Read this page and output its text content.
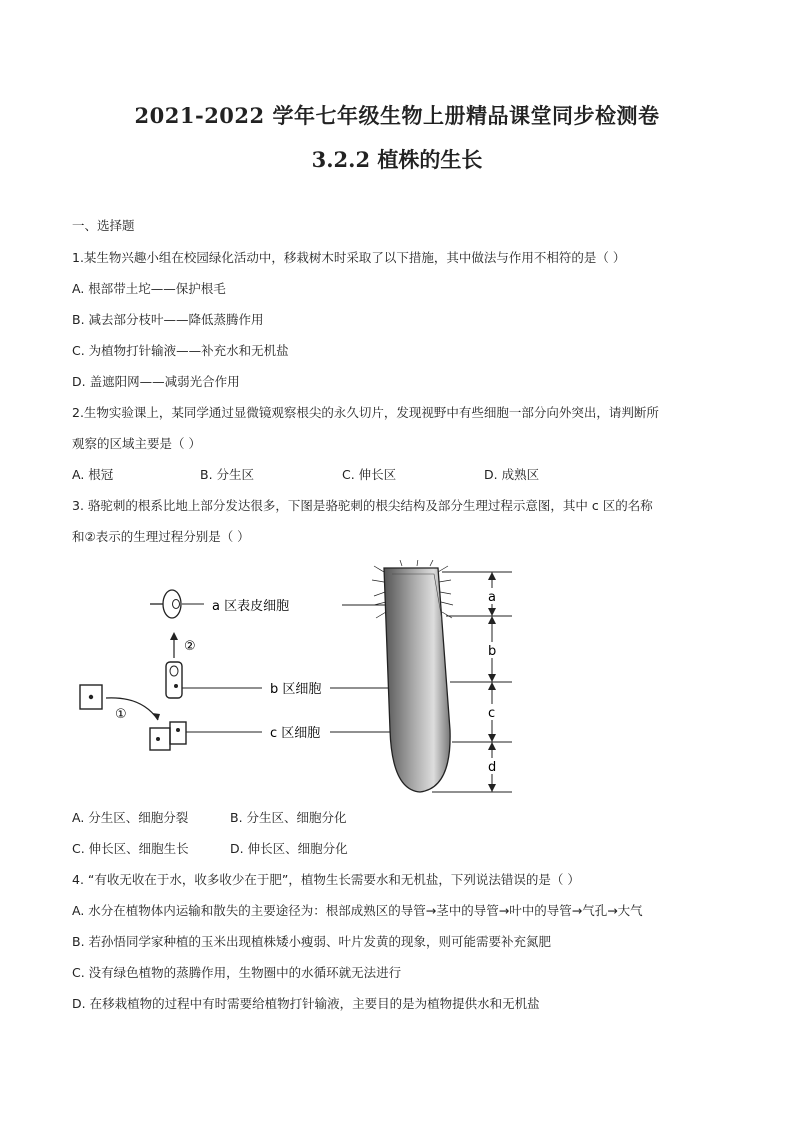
2021-2022 学年七年级生物上册精品课堂同步检测卷
3.2.2 植株的生长
一、选择题
1.某生物兴趣小组在校园绿化活动中，移栽树木时采取了以下措施，其中做法与作用不相符的是（ ）
A. 根部带土坨——保护根毛
B. 减去部分枝叶——降低蒸腾作用
C. 为植物打针输液——补充水和无机盐
D. 盖遮阳网——减弱光合作用
2.生物实验课上，某同学通过显微镜观察根尖的永久切片，发现视野中有些细胞一部分向外突出，请判断所
观察的区域主要是（ ）
A. 根冠	B. 分生区	C. 伸长区	D. 成熟区
3. 骆驼刺的根系比地上部分发达很多，下图是骆驼刺的根尖结构及部分生理过程示意图，其中 c 区的名称
和②表示的生理过程分别是（ ）
①
c 区细胞
b 区细胞
②
a 区表皮细胞
a
b
c
d
A. 分生区、细胞分裂	B. 分生区、细胞分化
C. 伸长区、细胞生长	D. 伸长区、细胞分化
4. “有收无收在于水，收多收少在于肥”，植物生长需要水和无机盐，下列说法错误的是（ ）
A. 水分在植物体内运输和散失的主要途径为：根部成熟区的导管→茎中的导管→叶中的导管→气孔→大气
B. 若孙悟同学家种植的玉米出现植株矮小瘦弱、叶片发黄的现象，则可能需要补充氮肥
C. 没有绿色植物的蒸腾作用，生物圈中的水循环就无法进行
D. 在移栽植物的过程中有时需要给植物打针输液，主要目的是为植物提供水和无机盐
